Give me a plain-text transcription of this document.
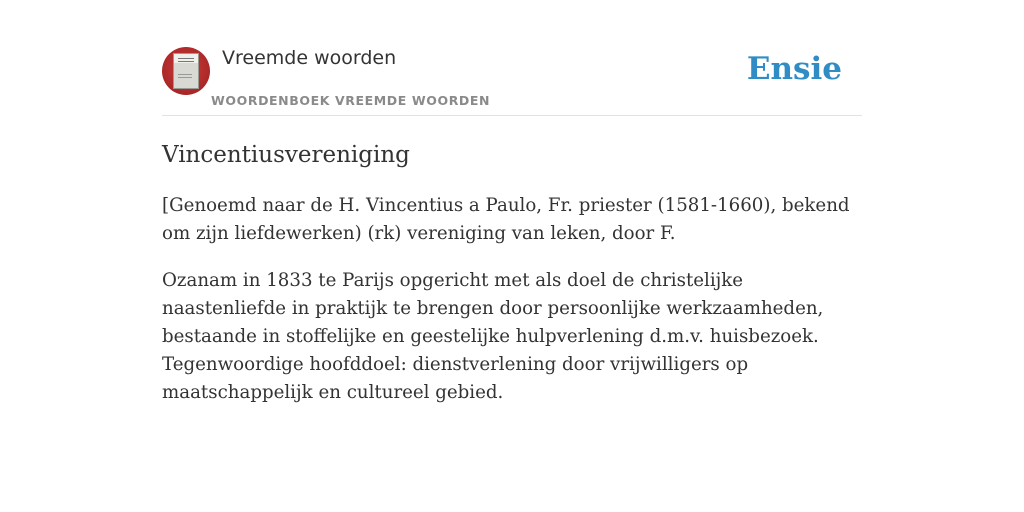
Vreemde woorden
WOORDENBOEK VREEMDE WOORDEN
Ensie
Vincentiusvereniging

[Genoemd naar de H. Vincentius a Paulo, Fr. priester (1581-1660), bekend om zijn liefdewerken) (rk) vereniging van leken, door F.

Ozanam in 1833 te Parijs opgericht met als doel de christelijke naastenliefde in praktijk te brengen door persoonlijke werkzaamheden, bestaande in stoffelijke en geestelijke hulpverlening d.m.v. huisbezoek. Tegenwoordige hoofddoel: dienstverlening door vrijwilligers op maatschappelijk en cultureel gebied.
